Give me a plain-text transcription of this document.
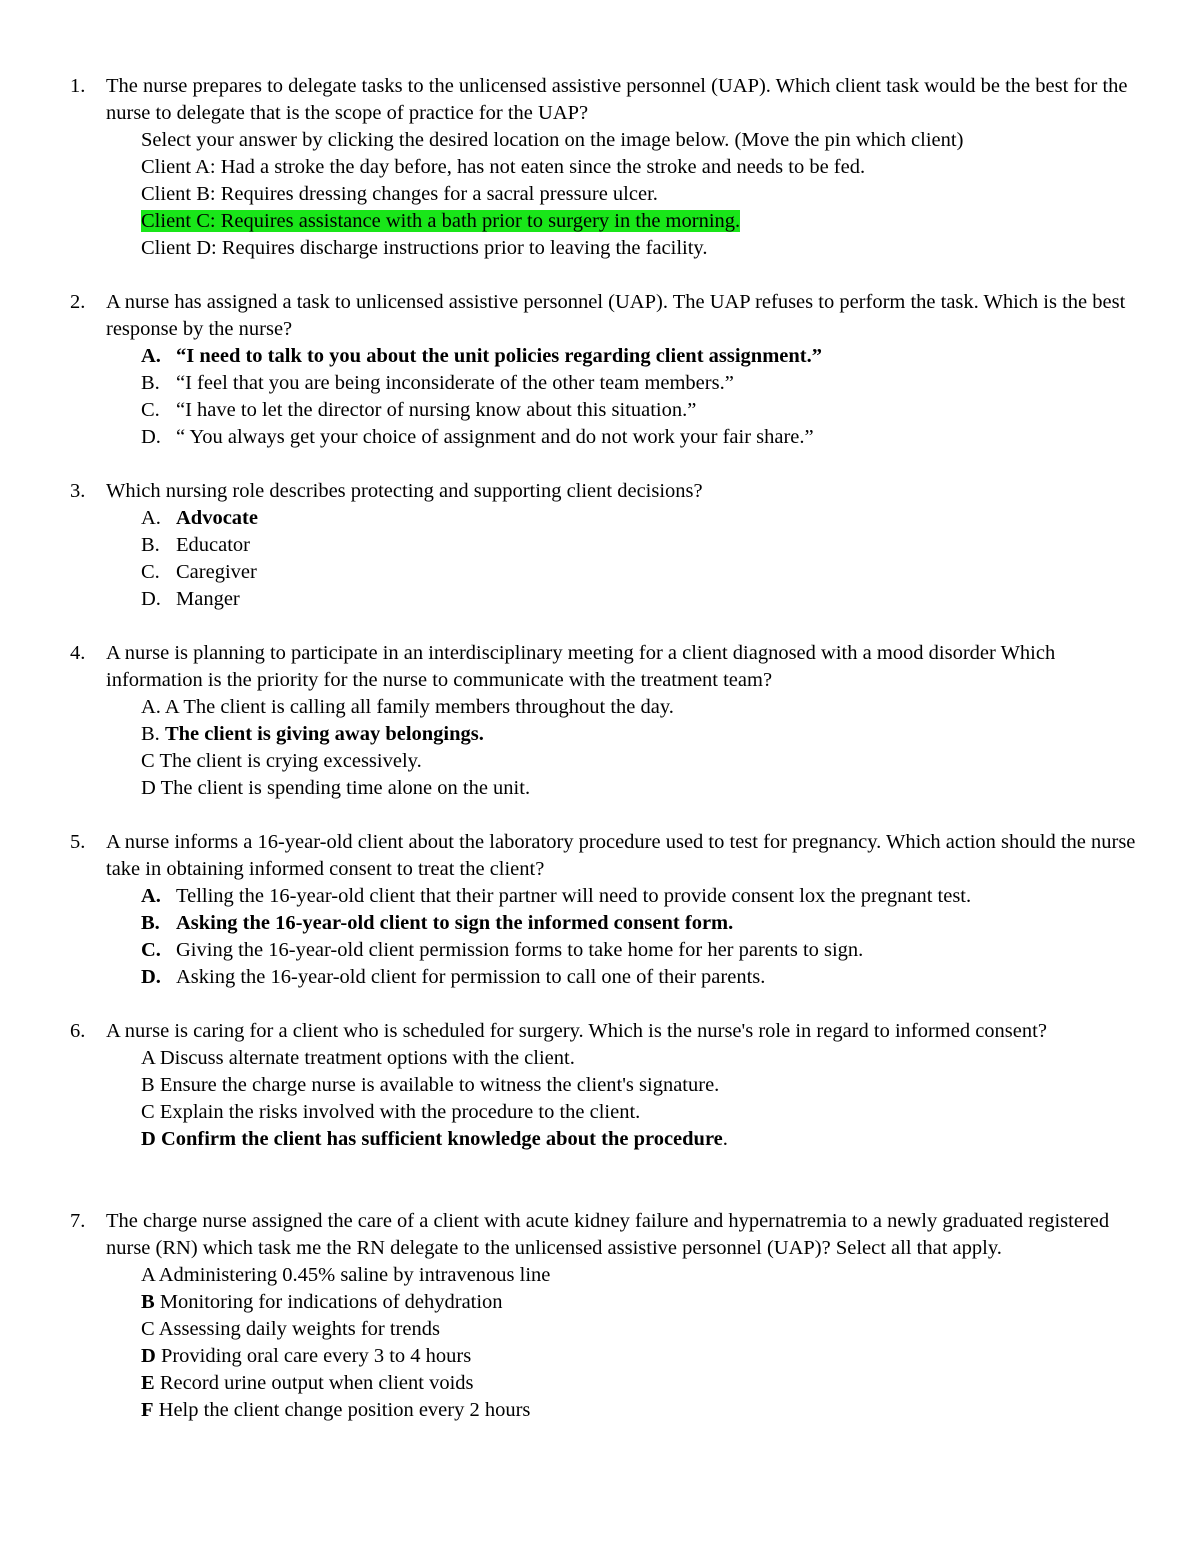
1. The nurse prepares to delegate tasks to the unlicensed assistive personnel (UAP). Which client task would be the best for the nurse to delegate that is the scope of practice for the UAP?
Select your answer by clicking the desired location on the image below. (Move the pin which client)
Client A: Had a stroke the day before, has not eaten since the stroke and needs to be fed.
Client B: Requires dressing changes for a sacral pressure ulcer.
Client C: Requires assistance with a bath prior to surgery in the morning.
Client D: Requires discharge instructions prior to leaving the facility.
2. A nurse has assigned a task to unlicensed assistive personnel (UAP). The UAP refuses to perform the task. Which is the best response by the nurse?
A. “I need to talk to you about the unit policies regarding client assignment.”
B. “I feel that you are being inconsiderate of the other team members.”
C. “I have to let the director of nursing know about this situation.”
D. “ You always get your choice of assignment and do not work your fair share.”
3. Which nursing role describes protecting and supporting client decisions?
A. Advocate
B. Educator
C. Caregiver
D. Manger
4. A nurse is planning to participate in an interdisciplinary meeting for a client diagnosed with a mood disorder Which information is the priority for the nurse to communicate with the treatment team?
A. A The client is calling all family members throughout the day.
B. The client is giving away belongings.
C The client is crying excessively.
D The client is spending time alone on the unit.
5. A nurse informs a 16-year-old client about the laboratory procedure used to test for pregnancy. Which action should the nurse take in obtaining informed consent to treat the client?
A. Telling the 16-year-old client that their partner will need to provide consent lox the pregnant test.
B. Asking the 16-year-old client to sign the informed consent form.
C. Giving the 16-year-old client permission forms to take home for her parents to sign.
D. Asking the 16-year-old client for permission to call one of their parents.
6. A nurse is caring for a client who is scheduled for surgery. Which is the nurse's role in regard to informed consent?
A Discuss alternate treatment options with the client.
B Ensure the charge nurse is available to witness the client's signature.
C Explain the risks involved with the procedure to the client.
D Confirm the client has sufficient knowledge about the procedure.
7. The charge nurse assigned the care of a client with acute kidney failure and hypernatremia to a newly graduated registered nurse (RN) which task me the RN delegate to the unlicensed assistive personnel (UAP)? Select all that apply.
A Administering 0.45% saline by intravenous line
B Monitoring for indications of dehydration
C Assessing daily weights for trends
D Providing oral care every 3 to 4 hours
E Record urine output when client voids
F Help the client change position every 2 hours
